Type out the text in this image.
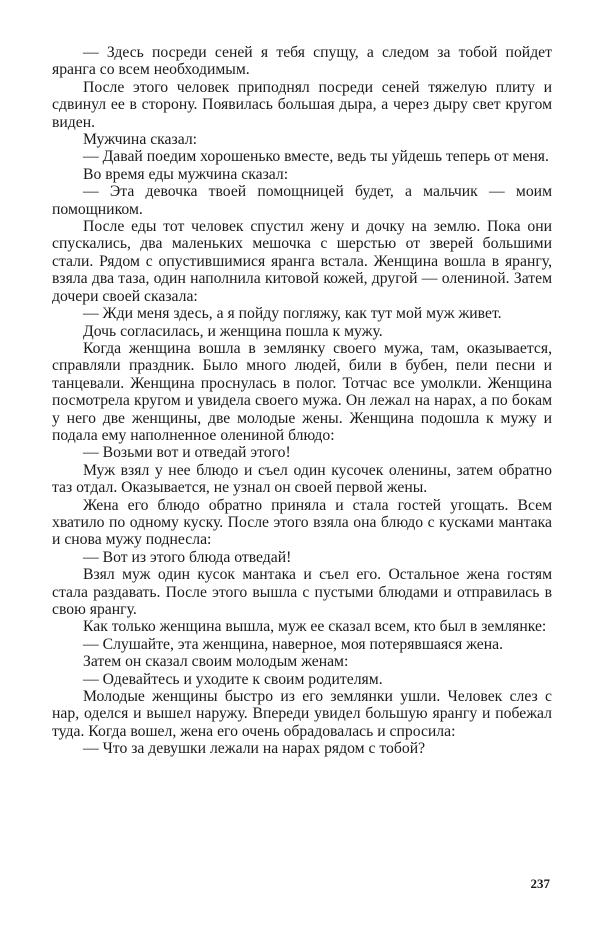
— Здесь посреди сеней я тебя спущу, а следом за тобой пойдет яранга со всем необходимым.

После этого человек приподнял посреди сеней тяжелую плиту и сдвинул ее в сторону. Появилась большая дыра, а через дыру свет кругом виден.

Мужчина сказал:

— Давай поедим хорошенько вместе, ведь ты уйдешь теперь от меня.

Во время еды мужчина сказал:

— Эта девочка твоей помощницей будет, а мальчик — моим помощником.

После еды тот человек спустил жену и дочку на землю. Пока они спускались, два маленьких мешочка с шерстью от зверей большими стали. Рядом с опустившимися яранга встала. Женщина вошла в ярангу, взяла два таза, один наполнила китовой кожей, другой — олениной. Затем дочери своей сказала:

— Жди меня здесь, а я пойду погляжу, как тут мой муж живет.

Дочь согласилась, и женщина пошла к мужу.

Когда женщина вошла в землянку своего мужа, там, оказывается, справляли праздник. Было много людей, били в бубен, пели песни и танцевали. Женщина проснулась в полог. Тотчас все умолкли. Женщина посмотрела кругом и увидела своего мужа. Он лежал на нарах, а по бокам у него две женщины, две молодые жены. Женщина подошла к мужу и подала ему наполненное олениной блюдо:

— Возьми вот и отведай этого!

Муж взял у нее блюдо и съел один кусочек оленины, затем обратно таз отдал. Оказывается, не узнал он своей первой жены.

Жена его блюдо обратно приняла и стала гостей угощать. Всем хватило по одному куску. После этого взяла она блюдо с кусками мантака и снова мужу поднесла:

— Вот из этого блюда отведай!

Взял муж один кусок мантака и съел его. Остальное жена гостям стала раздавать. После этого вышла с пустыми блюдами и отправилась в свою ярангу.

Как только женщина вышла, муж ее сказал всем, кто был в землянке:

— Слушайте, эта женщина, наверное, моя потерявшаяся жена.

Затем он сказал своим молодым женам:

— Одевайтесь и уходите к своим родителям.

Молодые женщины быстро из его землянки ушли. Человек слез с нар, оделся и вышел наружу. Впереди увидел большую ярангу и побежал туда. Когда вошел, жена его очень обрадовалась и спросила:

— Что за девушки лежали на нарах рядом с тобой?

237
